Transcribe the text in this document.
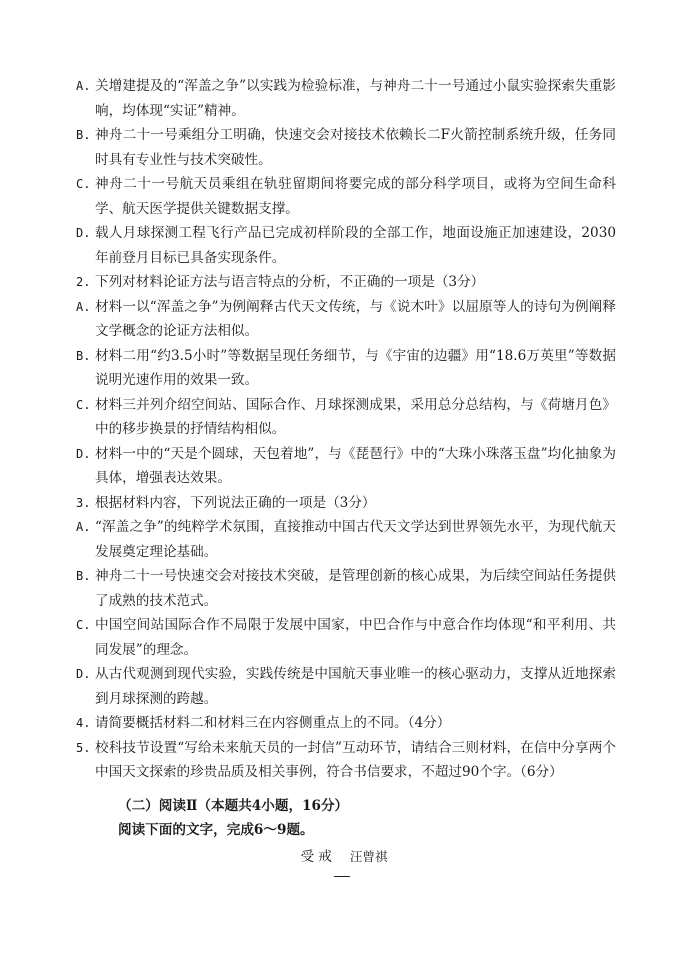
A. 关增建提及的“浑盖之争”以实践为检验标准，与神舟二十一号通过小鼠实验探索失重影响，均体现“实证”精神。
B. 神舟二十一号乘组分工明确，快速交会对接技术依赖长二F火箭控制系统升级，任务同时具有专业性与技术突破性。
C. 神舟二十一号航天员乘组在轨驻留期间将要完成的部分科学项目，或将为空间生命科学、航天医学提供关键数据支撑。
D. 载人月球探测工程飞行产品已完成初样阶段的全部工作，地面设施正加速建设，2030年前登月目标已具备实现条件。
2. 下列对材料论证方法与语言特点的分析，不正确的一项是（3分）
A. 材料一以“浑盖之争”为例阐释古代天文传统，与《说木叶》以屈原等人的诗句为例阐释文学概念的论证方法相似。
B. 材料二用“约3.5小时”等数据呈现任务细节，与《宇宙的边疆》用“18.6万英里”等数据说明光速作用的效果一致。
C. 材料三并列介绍空间站、国际合作、月球探测成果，采用总分总结构，与《荷塘月色》中的移步换景的抒情结构相似。
D. 材料一中的“天是个圆球，天包着地”，与《琵琶行》中的“大珠小珠落玉盘”均化抽象为具体，增强表达效果。
3. 根据材料内容，下列说法正确的一项是（3分）
A. “浑盖之争”的纯粹学术氛围，直接推动中国古代天文学达到世界领先水平，为现代航天发展奠定理论基础。
B. 神舟二十一号快速交会对接技术突破，是管理创新的核心成果，为后续空间站任务提供了成熟的技术范式。
C. 中国空间站国际合作不局限于发展中国家，中巴合作与中意合作均体现“和平利用、共同发展”的理念。
D. 从古代观测到现代实验，实践传统是中国航天事业唯一的核心驱动力，支撑从近地探索到月球探测的跨越。
4. 请简要概括材料二和材料三在内容侧重点上的不同。（4分）
5. 校科技节设置“写给未来航天员的一封信”互动环节，请结合三则材料，在信中分享两个中国天文探索的珍贵品质及相关事例，符合书信要求，不超过90个字。（6分）
（二）阅读Ⅱ（本题共4小题，16分）
阅读下面的文字，完成6～9题。
受戒 汪曾祺
